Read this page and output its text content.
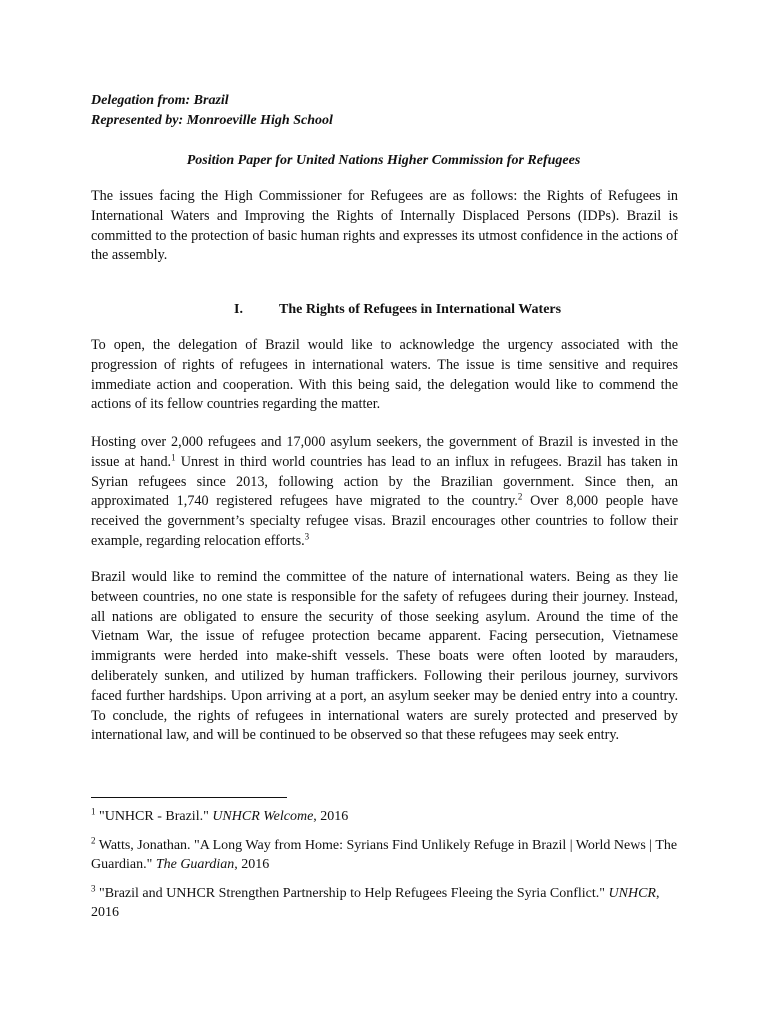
Delegation from: Brazil
Represented by: Monroeville High School
Position Paper for United Nations Higher Commission for Refugees

The issues facing the High Commissioner for Refugees are as follows: the Rights of Refugees in International Waters and Improving the Rights of Internally Displaced Persons (IDPs). Brazil is committed to the protection of basic human rights and expresses its utmost confidence in the actions of the assembly.

I.	The Rights of Refugees in International Waters

To open, the delegation of Brazil would like to acknowledge the urgency associated with the progression of rights of refugees in international waters. The issue is time sensitive and requires immediate action and cooperation. With this being said, the delegation would like to commend the actions of its fellow countries regarding the matter.

Hosting over 2,000 refugees and 17,000 asylum seekers, the government of Brazil is invested in the issue at hand.$^1$ Unrest in third world countries has lead to an influx in refugees. Brazil has taken in Syrian refugees since 2013, following action by the Brazilian government. Since then, an approximated 1,740 registered refugees have migrated to the country.$^2$ Over 8,000 people have received the government’s specialty refugee visas. Brazil encourages other countries to follow their example, regarding relocation efforts.$^3$

Brazil would like to remind the committee of the nature of international waters. Being as they lie between countries, no one state is responsible for the safety of refugees during their journey. Instead, all nations are obligated to ensure the security of those seeking asylum. Around the time of the Vietnam War, the issue of refugee protection became apparent. Facing persecution, Vietnamese immigrants were herded into make-shift vessels. These boats were often looted by marauders, deliberately sunken, and utilized by human traffickers. Following their perilous journey, survivors faced further hardships. Upon arriving at a port, an asylum seeker may be denied entry into a country. To conclude, the rights of refugees in international waters are surely protected and preserved by international law, and will be continued to be observed so that these refugees may seek entry.

$^1$ "UNHCR - Brazil." UNHCR Welcome, 2016

$^2$ Watts, Jonathan. "A Long Way from Home: Syrians Find Unlikely Refuge in Brazil | World News | The Guardian." The Guardian, 2016

$^3$ "Brazil and UNHCR Strengthen Partnership to Help Refugees Fleeing the Syria Conflict." UNHCR, 2016
